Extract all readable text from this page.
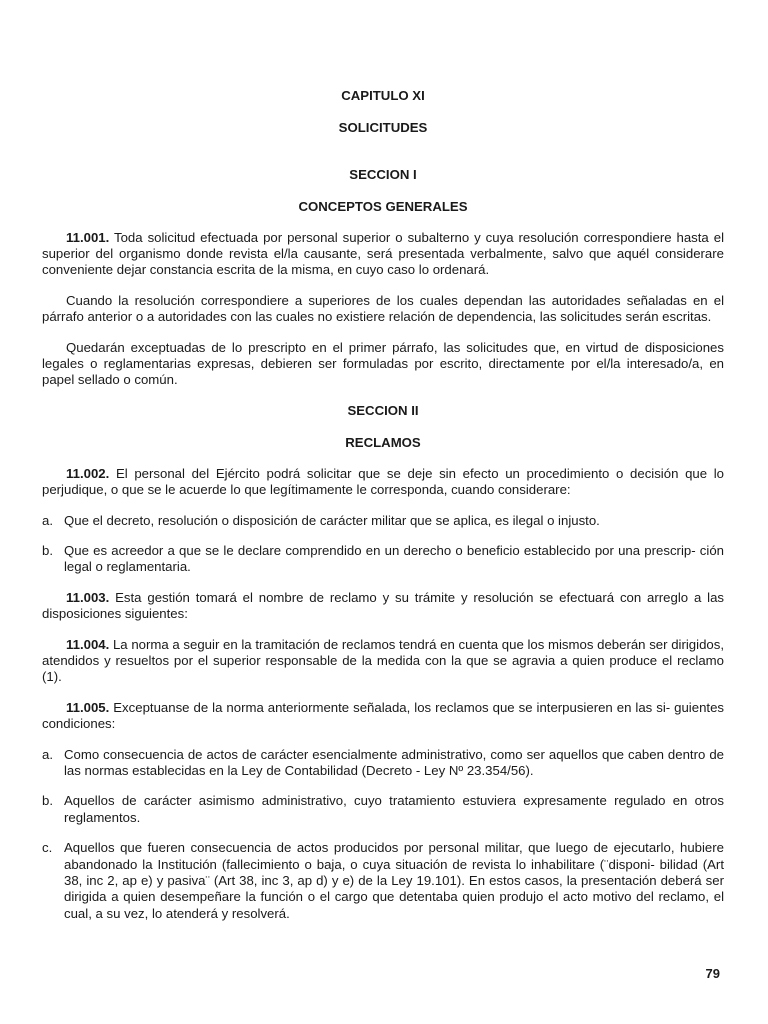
CAPITULO XI

SOLICITUDES

SECCION I

CONCEPTOS GENERALES

11.001. Toda solicitud efectuada por personal superior o subalterno y cuya resolución correspondiere hasta el superior del organismo donde revista el/la causante, será presentada verbalmente, salvo que aquél considerare conveniente dejar constancia escrita de la misma, en cuyo caso lo ordenará.

Cuando la resolución correspondiere a superiores de los cuales dependan las autoridades señaladas en el párrafo anterior o a autoridades con las cuales no existiere relación de dependencia, las solicitudes serán escritas.

Quedarán exceptuadas de lo prescripto en el primer párrafo, las solicitudes que, en virtud de disposiciones legales o reglamentarias expresas, debieren ser formuladas por escrito, directamente por el/la interesado/a, en papel sellado o común.

SECCION II

RECLAMOS

11.002. El personal del Ejército podrá solicitar que se deje sin efecto un procedimiento o decisión que lo perjudique, o que se le acuerde lo que legítimamente le corresponda, cuando considerare:

a. Que el decreto, resolución o disposición de carácter militar que se aplica, es ilegal o injusto.
b. Que es acreedor a que se le declare comprendido en un derecho o beneficio establecido por una prescrip- ción legal o reglamentaria.

11.003. Esta gestión tomará el nombre de reclamo y su trámite y resolución se efectuará con arreglo a las disposiciones siguientes:

11.004. La norma a seguir en la tramitación de reclamos tendrá en cuenta que los mismos deberán ser dirigidos, atendidos y resueltos por el superior responsable de la medida con la que se agravia a quien produce el reclamo (1).

11.005. Exceptuanse de la norma anteriormente señalada, los reclamos que se interpusieren en las si- guientes condiciones:

a. Como consecuencia de actos de carácter esencialmente administrativo, como ser aquellos que caben dentro de las normas establecidas en la Ley de Contabilidad (Decreto - Ley Nº 23.354/56).
b. Aquellos de carácter asimismo administrativo, cuyo tratamiento estuviera expresamente regulado en otros reglamentos.
c. Aquellos que fueren consecuencia de actos producidos por personal militar, que luego de ejecutarlo, hubiere abandonado la Institución (fallecimiento o baja, o cuya situación de revista lo inhabilitare (¨disponi- bilidad (Art 38, inc 2, ap e) y pasiva¨ (Art 38, inc 3, ap d) y e) de la Ley 19.101). En estos casos, la presentación deberá ser dirigida a quien desempeñare la función o el cargo que detentaba quien produjo el acto motivo del reclamo, el cual, a su vez, lo atenderá y resolverá.
79
